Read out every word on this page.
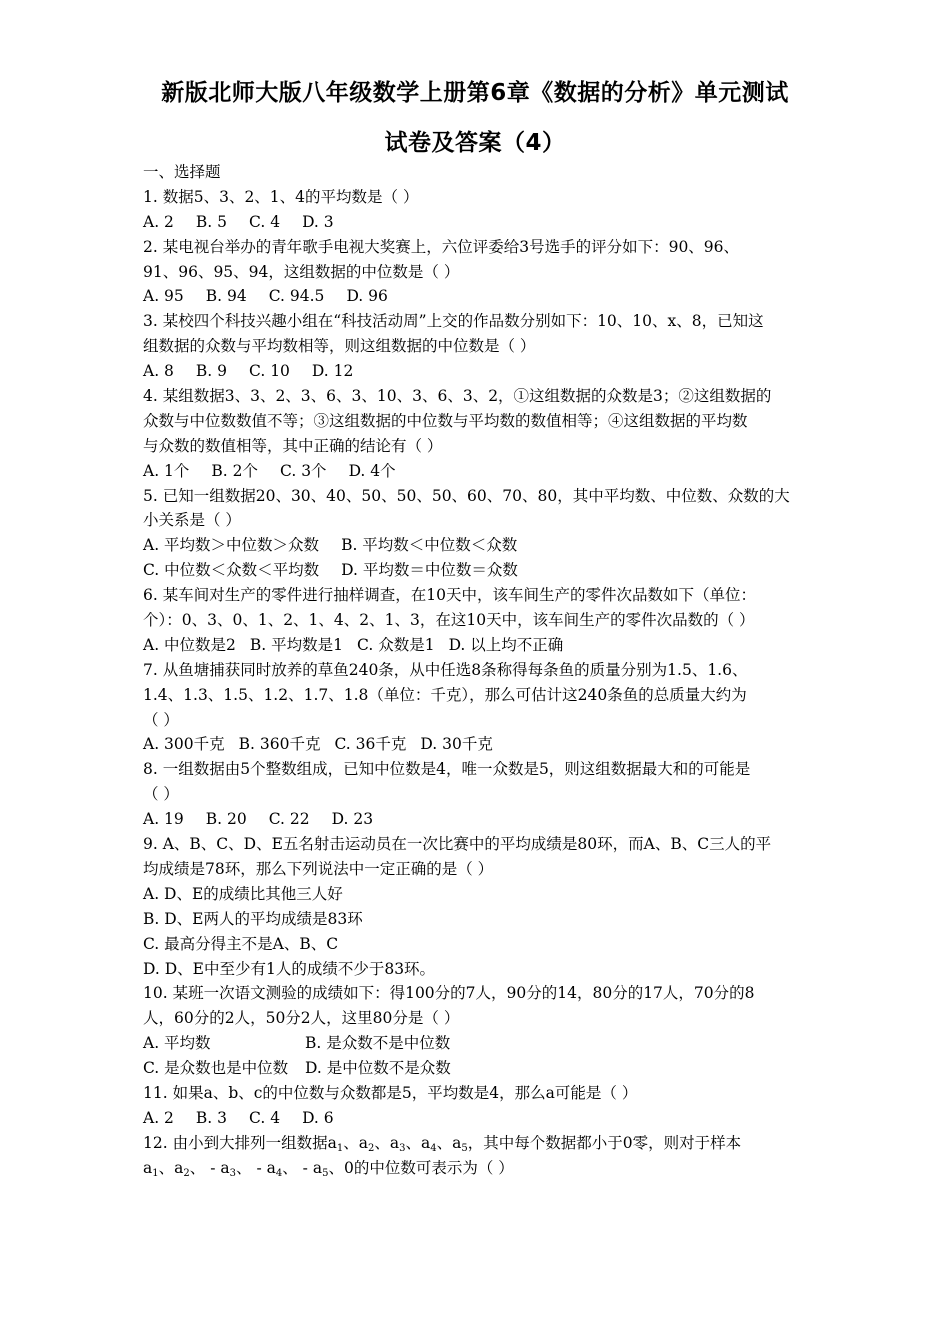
新版北师大版八年级数学上册第6章《数据的分析》单元测试
试卷及答案（4）
一、选择题
1. 数据5、3、2、1、4的平均数是（ ）
A. 2 B. 5 C. 4 D. 3
2. 某电视台举办的青年歌手电视大奖赛上，六位评委给3号选手的评分如下：90、96、
91、96、95、94，这组数据的中位数是（ ）
A. 95 B. 94 C. 94.5 D. 96
3. 某校四个科技兴趣小组在“科技活动周”上交的作品数分别如下：10、10、x、8，已知这
组数据的众数与平均数相等，则这组数据的中位数是（ ）
A. 8 B. 9 C. 10 D. 12
4. 某组数据3、3、2、3、6、3、10、3、6、3、2，①这组数据的众数是3；②这组数据的
众数与中位数数值不等；③这组数据的中位数与平均数的数值相等；④这组数据的平均数
与众数的数值相等，其中正确的结论有（ ）
A. 1个 B. 2个 C. 3个 D. 4个
5. 已知一组数据20、30、40、50、50、50、60、70、80，其中平均数、中位数、众数的大
小关系是（ ）
A. 平均数＞中位数＞众数 B. 平均数＜中位数＜众数
C. 中位数＜众数＜平均数 D. 平均数＝中位数＝众数
6. 某车间对生产的零件进行抽样调查，在10天中，该车间生产的零件次品数如下（单位：
个）：0、3、0、1、2、1、4、2、1、3，在这10天中，该车间生产的零件次品数的（ ）
A. 中位数是2 B. 平均数是1 C. 众数是1 D. 以上均不正确
7. 从鱼塘捕获同时放养的草鱼240条，从中任选8条称得每条鱼的质量分别为1.5、1.6、
1.4、1.3、1.5、1.2、1.7、1.8（单位：千克），那么可估计这240条鱼的总质量大约为
（ ）
A. 300千克 B. 360千克 C. 36千克 D. 30千克
8. 一组数据由5个整数组成，已知中位数是4，唯一众数是5，则这组数据最大和的可能是
（ ）
A. 19 B. 20 C. 22 D. 23
9. A、B、C、D、E五名射击运动员在一次比赛中的平均成绩是80环，而A、B、C三人的平
均成绩是78环，那么下列说法中一定正确的是（ ）
A. D、E的成绩比其他三人好
B. D、E两人的平均成绩是83环
C. 最高分得主不是A、B、C
D. D、E中至少有1人的成绩不少于83环。
10. 某班一次语文测验的成绩如下：得100分的7人，90分的14，80分的17人，70分的8
人，60分的2人，50分2人，这里80分是（ ）
A. 平均数	B. 是众数不是中位数
C. 是众数也是中位数	D. 是中位数不是众数
11. 如果a、b、c的中位数与众数都是5，平均数是4，那么a可能是（ ）
A. 2 B. 3 C. 4 D. 6
12. 由小到大排列一组数据$a_1$、$a_2$、$a_3$、$a_4$、$a_5$，其中每个数据都小于0零，则对于样本
$a_1$、$a_2$、 - $a_3$、 - $a_4$、 - $a_5$、0的中位数可表示为（ ）
